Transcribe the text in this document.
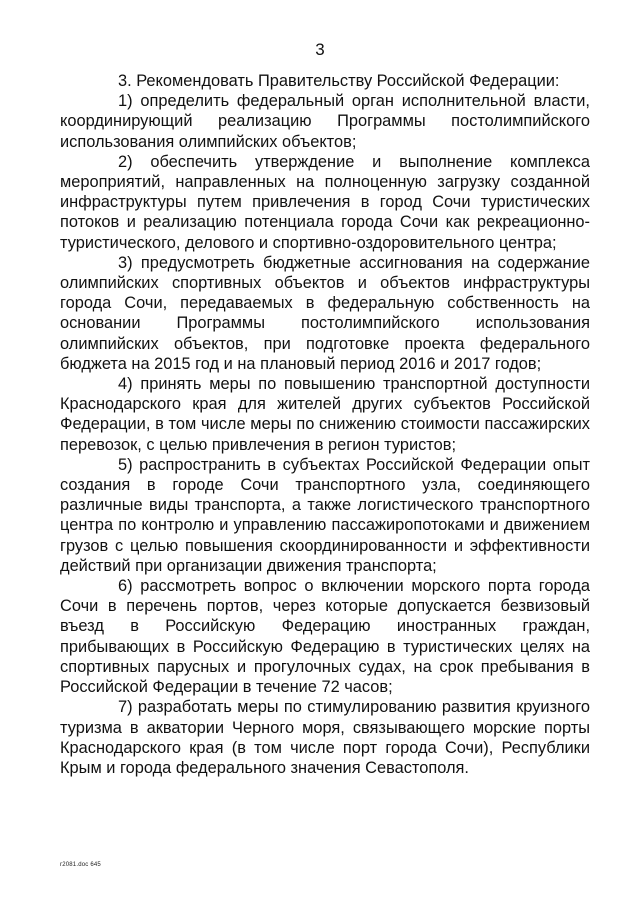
3

3. Рекомендовать Правительству Российской Федерации:

1) определить федеральный орган исполнительной власти, координирующий реализацию Программы постолимпийского использования олимпийских объектов;

2) обеспечить утверждение и выполнение комплекса мероприятий, направленных на полноценную загрузку созданной инфраструктуры путем привлечения в город Сочи туристических потоков и реализацию потенциала города Сочи как рекреационно-туристического, делового и спортивно-оздоровительного центра;

3) предусмотреть бюджетные ассигнования на содержание олимпийских спортивных объектов и объектов инфраструктуры города Сочи, передаваемых в федеральную собственность на основании Программы постолимпийского использования олимпийских объектов, при подготовке проекта федерального бюджета на 2015 год и на плановый период 2016 и 2017 годов;

4) принять меры по повышению транспортной доступности Краснодарского края для жителей других субъектов Российской Федерации, в том числе меры по снижению стоимости пассажирских перевозок, с целью привлечения в регион туристов;

5) распространить в субъектах Российской Федерации опыт создания в городе Сочи транспортного узла, соединяющего различные виды транспорта, а также логистического транспортного центра по контролю и управлению пассажиропотоками и движением грузов с целью повышения скоординированности и эффективности действий при организации движения транспорта;

6) рассмотреть вопрос о включении морского порта города Сочи в перечень портов, через которые допускается безвизовый въезд в Российскую Федерацию иностранных граждан, прибывающих в Российскую Федерацию в туристических целях на спортивных парусных и прогулочных судах, на срок пребывания в Российской Федерации в течение 72 часов;

7) разработать меры по стимулированию развития круизного туризма в акватории Черного моря, связывающего морские порты Краснодарского края (в том числе порт города Сочи), Республики Крым и города федерального значения Севастополя.

r2081.doc 645
